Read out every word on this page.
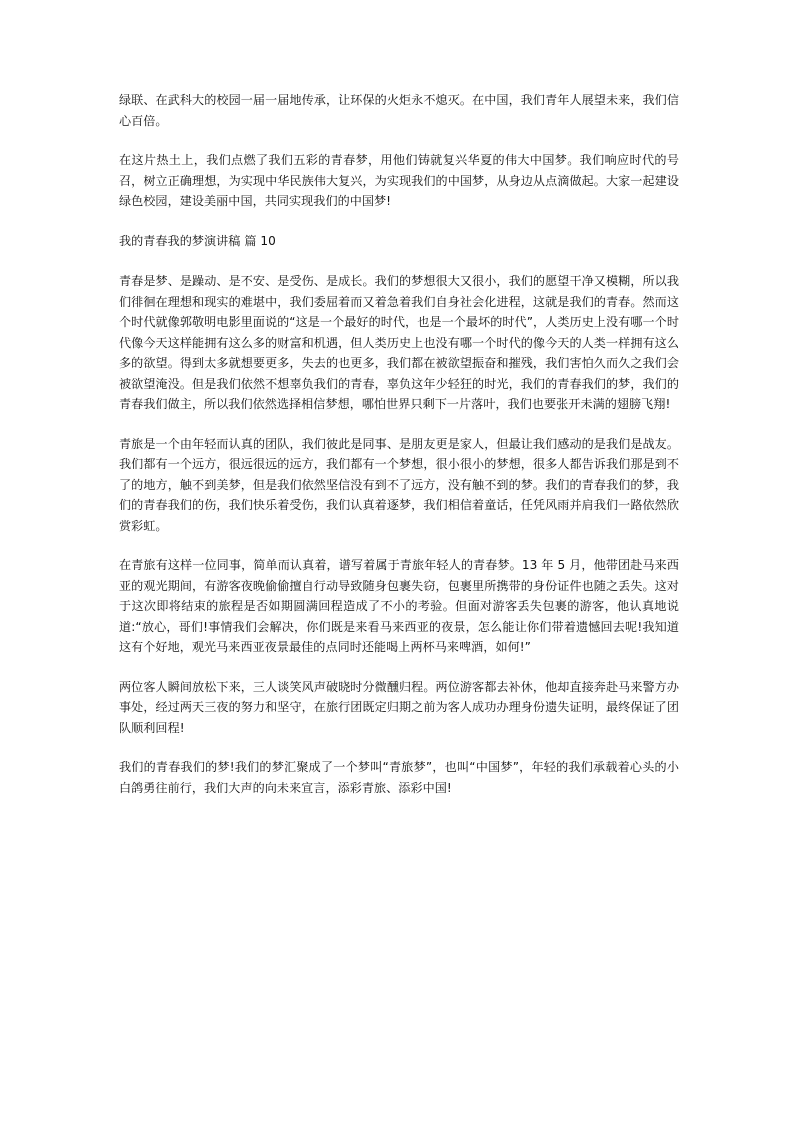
绿联、在武科大的校园一届一届地传承，让环保的火炬永不熄灭。在中国，我们青年人展望未来，我们信心百倍。

在这片热土上，我们点燃了我们五彩的青春梦，用他们铸就复兴华夏的伟大中国梦。我们响应时代的号召，树立正确理想，为实现中华民族伟大复兴，为实现我们的中国梦，从身边从点滴做起。大家一起建设绿色校园，建设美丽中国，共同实现我们的中国梦!

我的青春我的梦演讲稿 篇 10

青春是梦、是躁动、是不安、是受伤、是成长。我们的梦想很大又很小，我们的愿望干净又模糊，所以我们徘徊在理想和现实的难堪中，我们委屈着而又着急着我们自身社会化进程，这就是我们的青春。然而这个时代就像郭敬明电影里面说的“这是一个最好的时代，也是一个最坏的时代”，人类历史上没有哪一个时代像今天这样能拥有这么多的财富和机遇，但人类历史上也没有哪一个时代的像今天的人类一样拥有这么多的欲望。得到太多就想要更多，失去的也更多，我们都在被欲望振奋和摧残，我们害怕久而久之我们会被欲望淹没。但是我们依然不想辜负我们的青春，辜负这年少轻狂的时光，我们的青春我们的梦，我们的青春我们做主，所以我们依然选择相信梦想，哪怕世界只剩下一片落叶，我们也要张开未满的翅膀飞翔!

青旅是一个由年轻而认真的团队，我们彼此是同事、是朋友更是家人，但最让我们感动的是我们是战友。我们都有一个远方，很远很远的远方，我们都有一个梦想，很小很小的梦想，很多人都告诉我们那是到不了的地方，触不到美梦，但是我们依然坚信没有到不了远方，没有触不到的梦。我们的青春我们的梦，我们的青春我们的伤，我们快乐着受伤，我们认真着逐梦，我们相信着童话，任凭风雨并肩我们一路依然欣赏彩虹。

在青旅有这样一位同事，简单而认真着，谱写着属于青旅年轻人的青春梦。13 年 5 月，他带团赴马来西亚的观光期间，有游客夜晚偷偷擅自行动导致随身包裹失窃，包裹里所携带的身份证件也随之丢失。这对于这次即将结束的旅程是否如期圆满回程造成了不小的考验。但面对游客丢失包裹的游客，他认真地说道:“放心，哥们!事情我们会解决，你们既是来看马来西亚的夜景，怎么能让你们带着遗憾回去呢!我知道这有个好地，观光马来西亚夜景最佳的点同时还能喝上两杯马来啤酒，如何!”

两位客人瞬间放松下来，三人谈笑风声破晓时分微醺归程。两位游客都去补休，他却直接奔赴马来警方办事处，经过两天三夜的努力和坚守，在旅行团既定归期之前为客人成功办理身份遗失证明，最终保证了团队顺利回程!

我们的青春我们的梦!我们的梦汇聚成了一个梦叫“青旅梦”，也叫“中国梦”，年轻的我们承载着心头的小白鸽勇往前行，我们大声的向未来宣言，添彩青旅、添彩中国!
